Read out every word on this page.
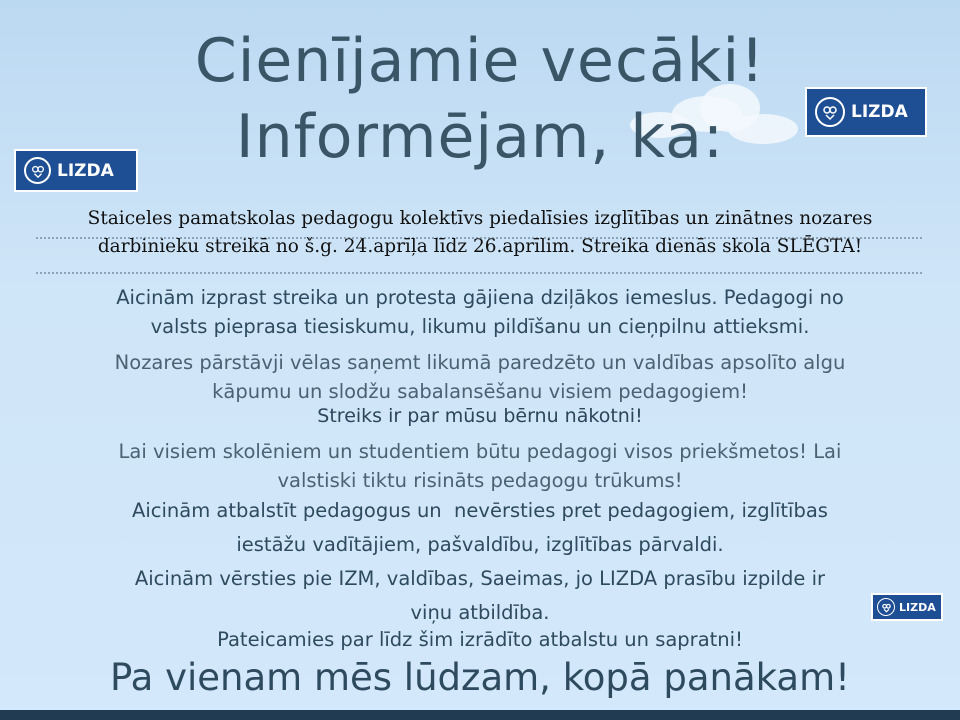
Cienījamie vecāki!
Informējam, ka:	LIZDA
LIZDA
LIZDA

Staiceles pamatskolas pedagogu kolektīvs piedalīsies izglītības un zinātnes nozares
darbinieku streikā no š.g. 24.aprīļa līdz 26.aprīlim. Streika dienās skola SLĒGTA!

Aicinām izprast streika un protesta gājiena dziļākos iemeslus. Pedagogi no
valsts pieprasa tiesiskumu, likumu pildīšanu un cieņpilnu attieksmi.

Nozares pārstāvji vēlas saņemt likumā paredzēto un valdības apsolīto algu
kāpumu un slodžu sabalansēšanu visiem pedagogiem!

Streiks ir par mūsu bērnu nākotni!

Lai visiem skolēniem un studentiem būtu pedagogi visos priekšmetos! Lai
valstiski tiktu risināts pedagogu trūkums!

Aicinām atbalstīt pedagogus un  nevērsties pret pedagogiem, izglītības
iestāžu vadītājiem, pašvaldību, izglītības pārvaldi.

Aicinām vērsties pie IZM, valdības, Saeimas, jo LIZDA prasību izpilde ir
viņu atbildība.

Pateicamies par līdz šim izrādīto atbalstu un sapratni!

Pa vienam mēs lūdzam, kopā panākam!
